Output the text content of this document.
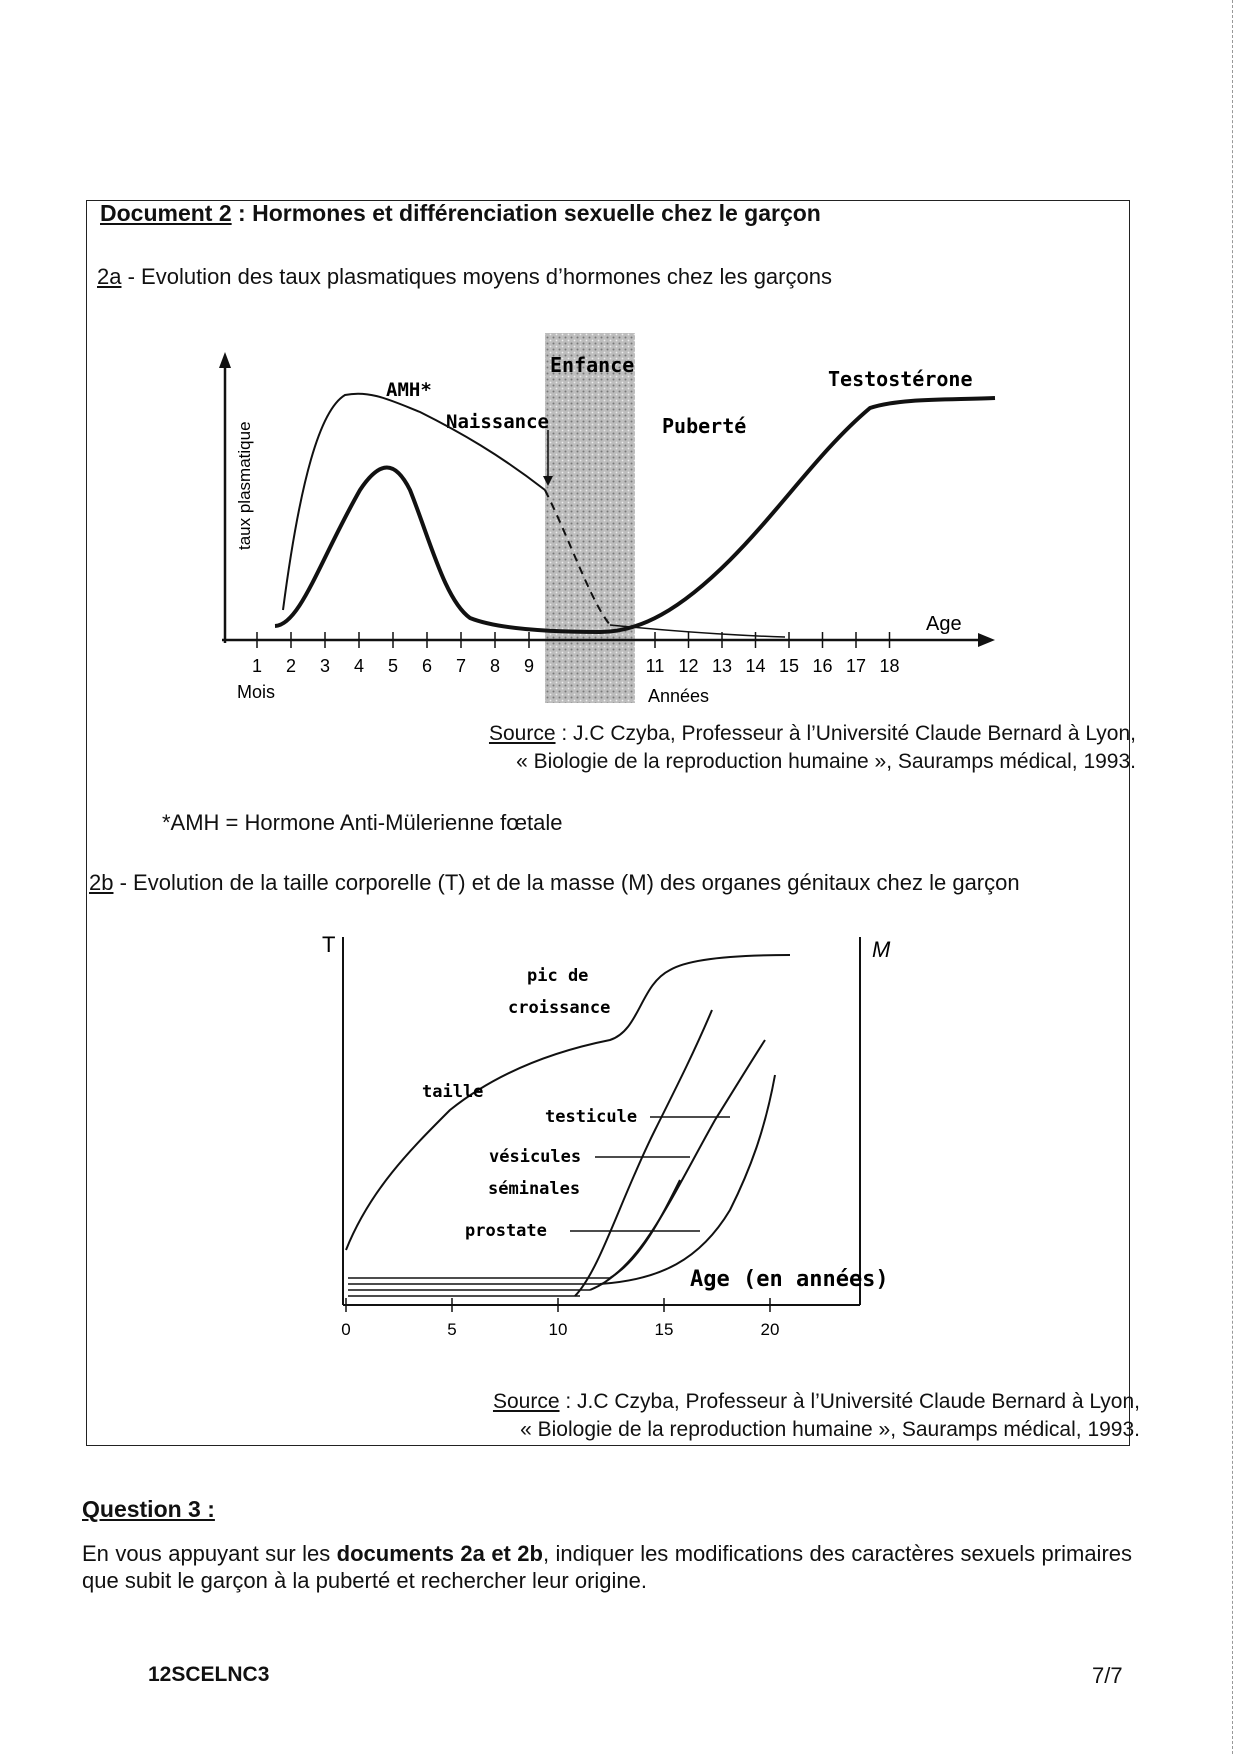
Document 2 : Hormones et différenciation sexuelle chez le garçon
2a - Evolution des taux plasmatiques moyens d’hormones chez les garçons
1 2 3 4 5 6 7 8 9	11 12 13 14 15 16 17 18
taux plasmatique
Mois	Années
Age
Enfance
Naissance	Puberté
AMH*	Testostérone
Source : J.C Czyba, Professeur à l’Université Claude Bernard à Lyon,
« Biologie de la reproduction humaine », Sauramps médical, 1993.
*AMH = Hormone Anti-Mülerienne fœtale
2b - Evolution de la taille corporelle (T) et de la masse (M) des organes génitaux chez le garçon
T	M
0	5	10	15	20
Age (en années)
pic de
croissance
taille
testicule
vésicules
séminales
prostate
Source : J.C Czyba, Professeur à l’Université Claude Bernard à Lyon,
« Biologie de la reproduction humaine », Sauramps médical, 1993.
Question 3 :
En vous appuyant sur les documents 2a et 2b, indiquer les modifications des caractères sexuels primaires que subit le garçon à la puberté et rechercher leur origine.
12SCELNC3	7/7
